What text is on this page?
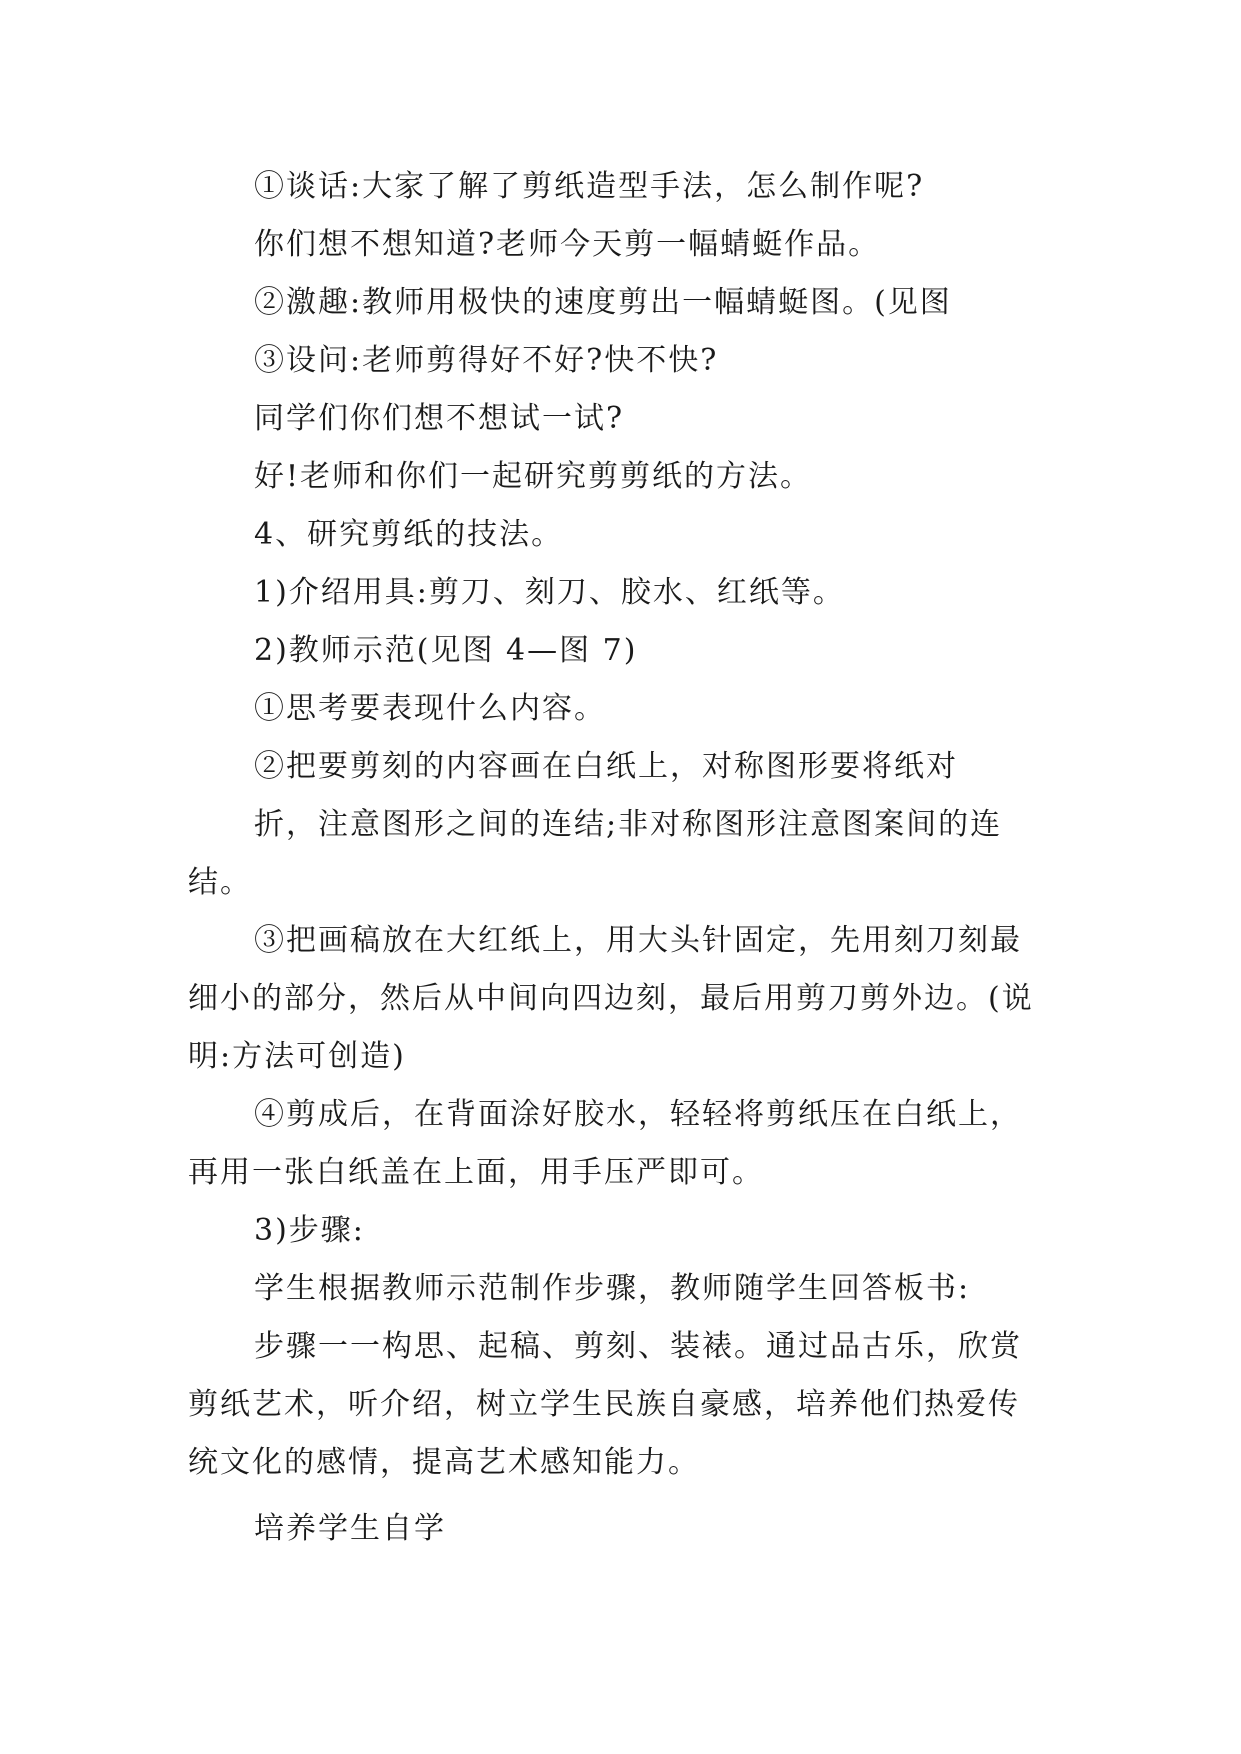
①谈话:大家了解了剪纸造型手法，怎么制作呢?
你们想不想知道?老师今天剪一幅蜻蜓作品。
②激趣:教师用极快的速度剪出一幅蜻蜓图。(见图
③设问:老师剪得好不好?快不快?
同学们你们想不想试一试?
好!老师和你们一起研究剪剪纸的方法。
4、研究剪纸的技法。
1)介绍用具:剪刀、刻刀、胶水、红纸等。
2)教师示范(见图 4—图 7)
①思考要表现什么内容。
②把要剪刻的内容画在白纸上，对称图形要将纸对
折，注意图形之间的连结;非对称图形注意图案间的连
结。
③把画稿放在大红纸上，用大头针固定，先用刻刀刻最
细小的部分，然后从中间向四边刻，最后用剪刀剪外边。(说
明:方法可创造)
④剪成后，在背面涂好胶水，轻轻将剪纸压在白纸上，
再用一张白纸盖在上面，用手压严即可。
3)步骤:
学生根据教师示范制作步骤，教师随学生回答板书:
步骤一一构思、起稿、剪刻、装裱。通过品古乐，欣赏
剪纸艺术，听介绍，树立学生民族自豪感，培养他们热爱传
统文化的感情，提高艺术感知能力。
培养学生自学
